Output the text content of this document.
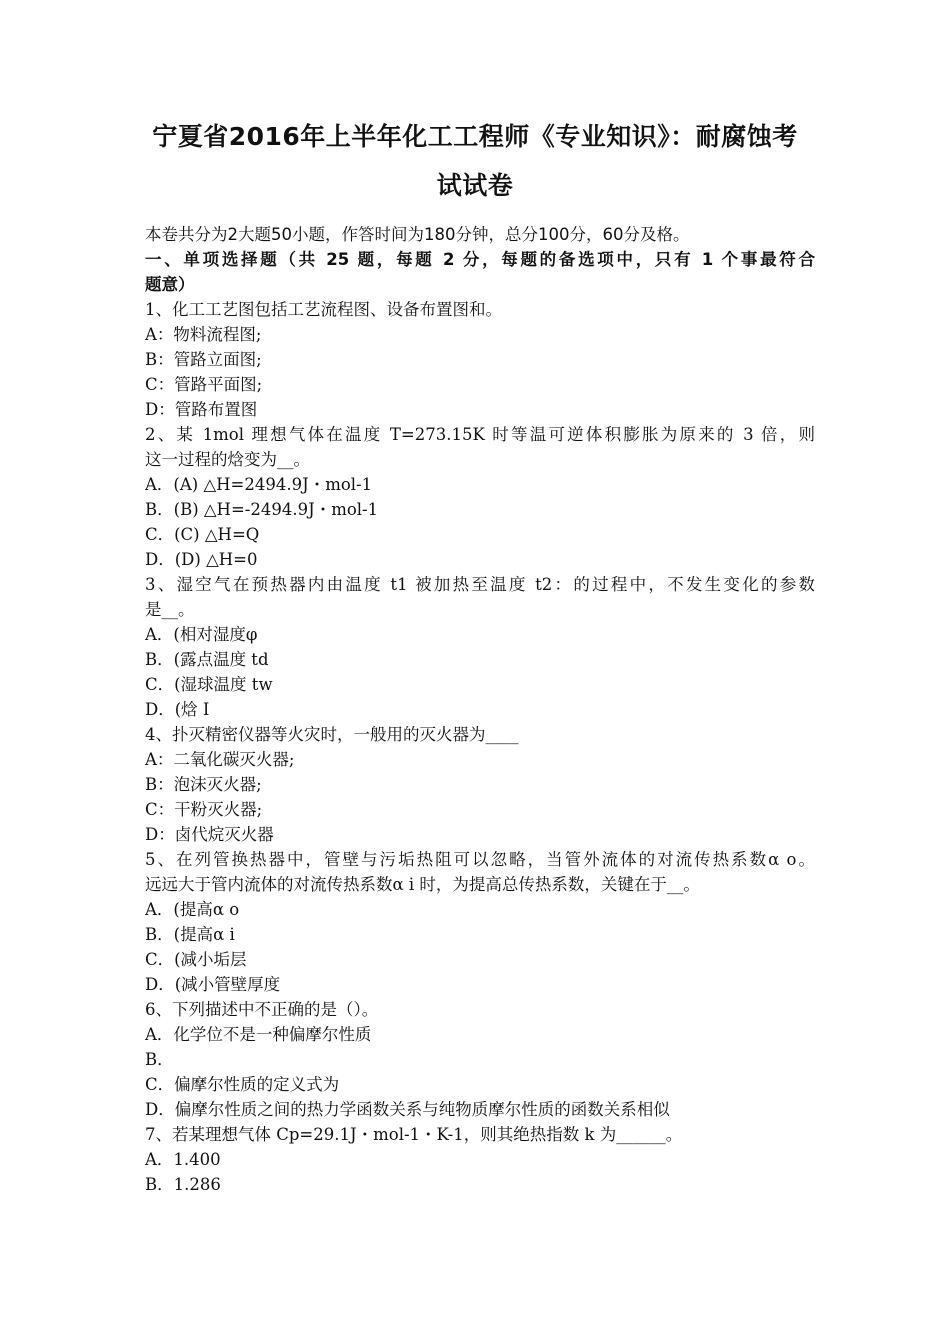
宁夏省2016年上半年化工工程师《专业知识》：耐腐蚀考
试试卷
本卷共分为2大题50小题，作答时间为180分钟，总分100分，60分及格。
一、单项选择题（共 25 题，每题 2 分，每题的备选项中，只有 1 个事最符合
题意）
1、化工工艺图包括工艺流程图、设备布置图和。
A：物料流程图;
B：管路立面图;
C：管路平面图;
D：管路布置图
2、某 1mol 理想气体在温度 T=273.15K 时等温可逆体积膨胀为原来的 3 倍，则
这一过程的焓变为__。
A．(A) △H=2494.9J・mol-1
B．(B) △H=-2494.9J・mol-1
C．(C) △H=Q
D．(D) △H=0
3、湿空气在预热器内由温度 t1 被加热至温度 t2：的过程中，不发生变化的参数
是__。
A．(相对湿度φ
B．(露点温度 td
C．(湿球温度 tw
D．(焓 I
4、扑灭精密仪器等火灾时，一般用的灭火器为____
A：二氧化碳灭火器;
B：泡沫灭火器;
C：干粉灭火器;
D：卤代烷灭火器
5、在列管换热器中，管壁与污垢热阻可以忽略，当管外流体的对流传热系数α o。
远远大于管内流体的对流传热系数α i 时，为提高总传热系数，关键在于__。
A．(提高α o
B．(提高α i
C．(减小垢层
D．(减小管壁厚度
6、下列描述中不正确的是（）。
A．化学位不是一种偏摩尔性质
B．
C．偏摩尔性质的定义式为
D．偏摩尔性质之间的热力学函数关系与纯物质摩尔性质的函数关系相似
7、若某理想气体 Cp=29.1J・mol-1・K-1，则其绝热指数 k 为______。
A．1.400
B．1.286
